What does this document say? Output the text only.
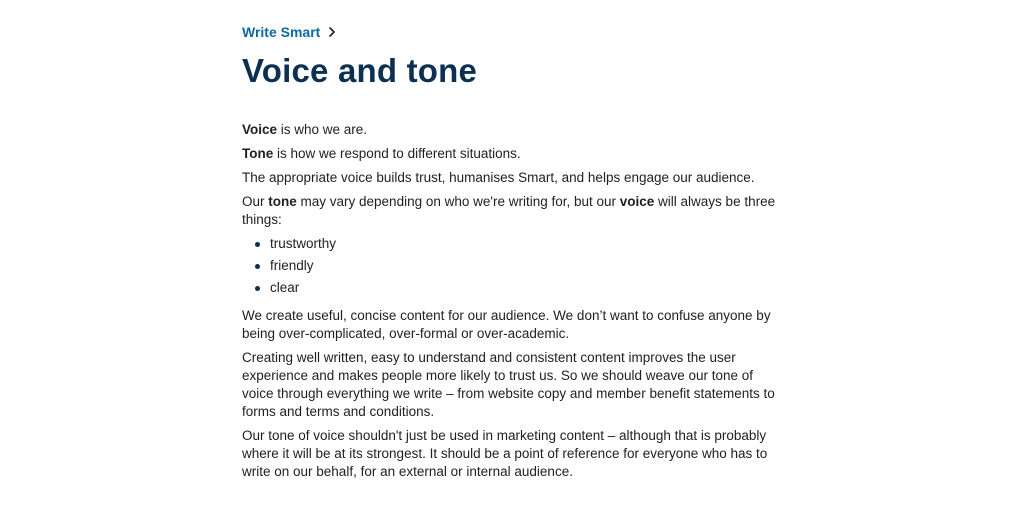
Write Smart
Voice and tone

Voice is who we are.

Tone is how we respond to different situations.

The appropriate voice builds trust, humanises Smart, and helps engage our audience.

Our tone may vary depending on who we're writing for, but our voice will always be three things:

trustworthy
friendly
clear

We create useful, concise content for our audience. We don’t want to confuse anyone by being over-complicated, over-formal or over-academic.

Creating well written, easy to understand and consistent content improves the user experience and makes people more likely to trust us. So we should weave our tone of voice through everything we write – from website copy and member benefit statements to forms and terms and conditions.

Our tone of voice shouldn't just be used in marketing content – although that is probably where it will be at its strongest. It should be a point of reference for everyone who has to write on our behalf, for an external or internal audience.
